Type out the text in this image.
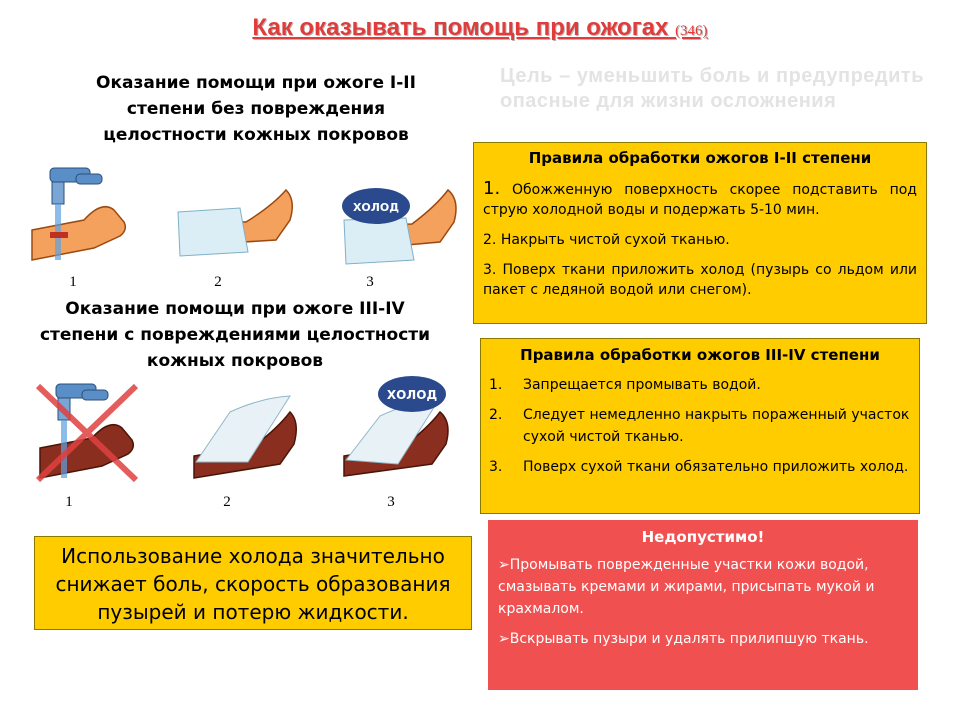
Как оказывать помощь при ожогах (346)
Оказание помощи при ожоге I-II
степени без повреждения
целостности кожных покровов
Цель – уменьшить боль и предупредить опасные для жизни осложнения
ХОЛОД
1	2	3
Оказание помощи при ожоге III-IV
степени с повреждениями целостности
кожных покровов
ХОЛОД
1	2	3
Правила обработки ожогов I-II степени
1. Обожженную поверхность скорее подставить под струю холодной воды и подержать 5-10 мин.
2. Накрыть чистой сухой тканью.
3. Поверх ткани приложить холод (пузырь со льдом или пакет с ледяной водой или снегом).
Правила обработки ожогов III-IV степени
1.	Запрещается промывать водой.
2.	Следует немедленно накрыть пораженный участок сухой чистой тканью.
3.	Поверх сухой ткани обязательно приложить холод.
Использование холода значительно снижает боль, скорость образования пузырей и потерю жидкости.
Недопустимо!
➢Промывать поврежденные участки кожи водой, смазывать кремами и жирами, присыпать мукой и крахмалом.
➢Вскрывать пузыри и удалять прилипшую ткань.
